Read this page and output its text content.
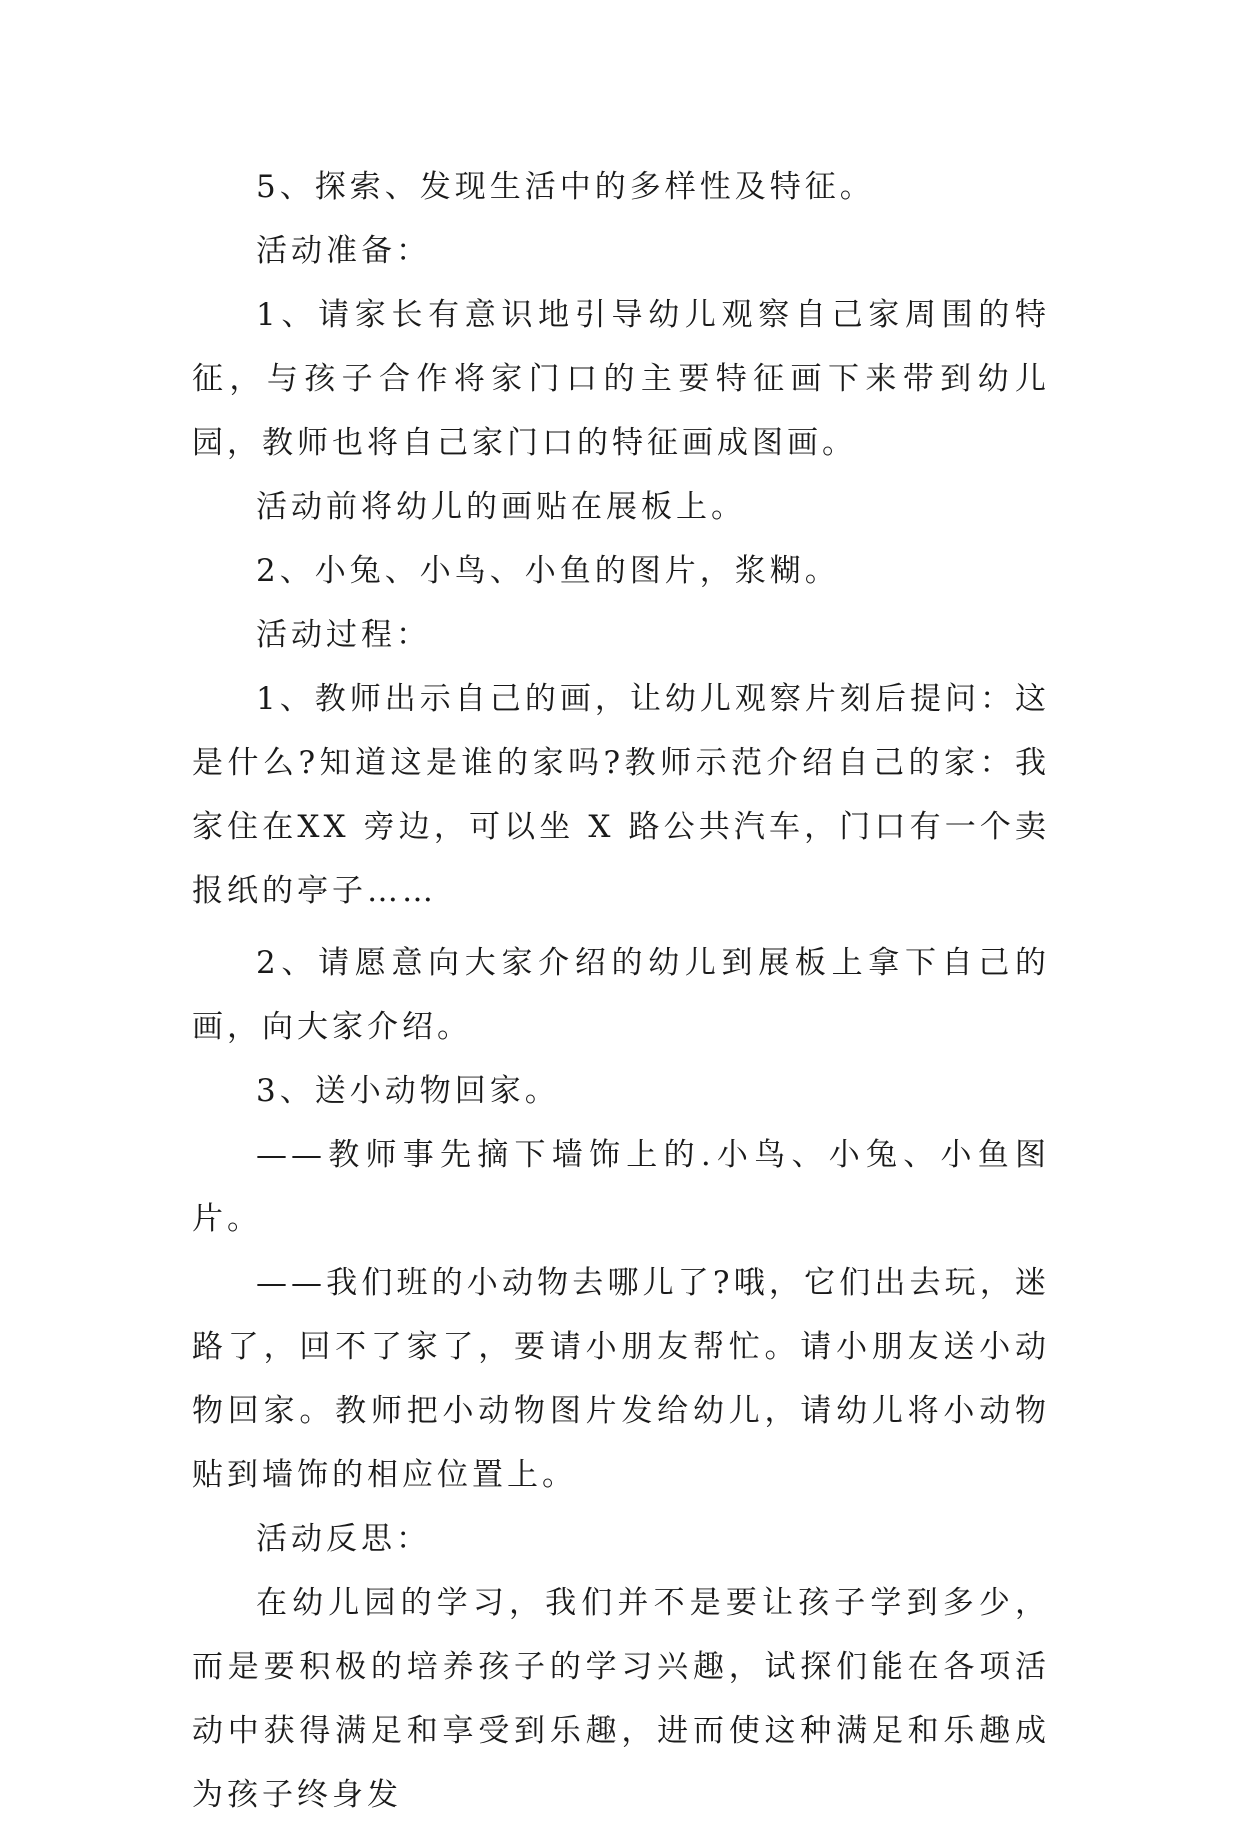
5、探索、发现生活中的多样性及特征。

活动准备：

1、请家长有意识地引导幼儿观察自己家周围的特征，与孩子合作将家门口的主要特征画下来带到幼儿园，教师也将自己家门口的特征画成图画。

活动前将幼儿的画贴在展板上。

2、小兔、小鸟、小鱼的图片，浆糊。

活动过程：

1、教师出示自己的画，让幼儿观察片刻后提问：这是什么?知道这是谁的家吗?教师示范介绍自己的家：我家住在XX 旁边，可以坐 X 路公共汽车，门口有一个卖报纸的亭子……

2、请愿意向大家介绍的幼儿到展板上拿下自己的画，向大家介绍。

3、送小动物回家。

——教师事先摘下墙饰上的.小鸟、小兔、小鱼图片。

——我们班的小动物去哪儿了?哦，它们出去玩，迷路了，回不了家了，要请小朋友帮忙。请小朋友送小动物回家。教师把小动物图片发给幼儿，请幼儿将小动物贴到墙饰的相应位置上。

活动反思：

在幼儿园的学习，我们并不是要让孩子学到多少，而是要积极的培养孩子的学习兴趣，试探们能在各项活动中获得满足和享受到乐趣，进而使这种满足和乐趣成为孩子终身发
